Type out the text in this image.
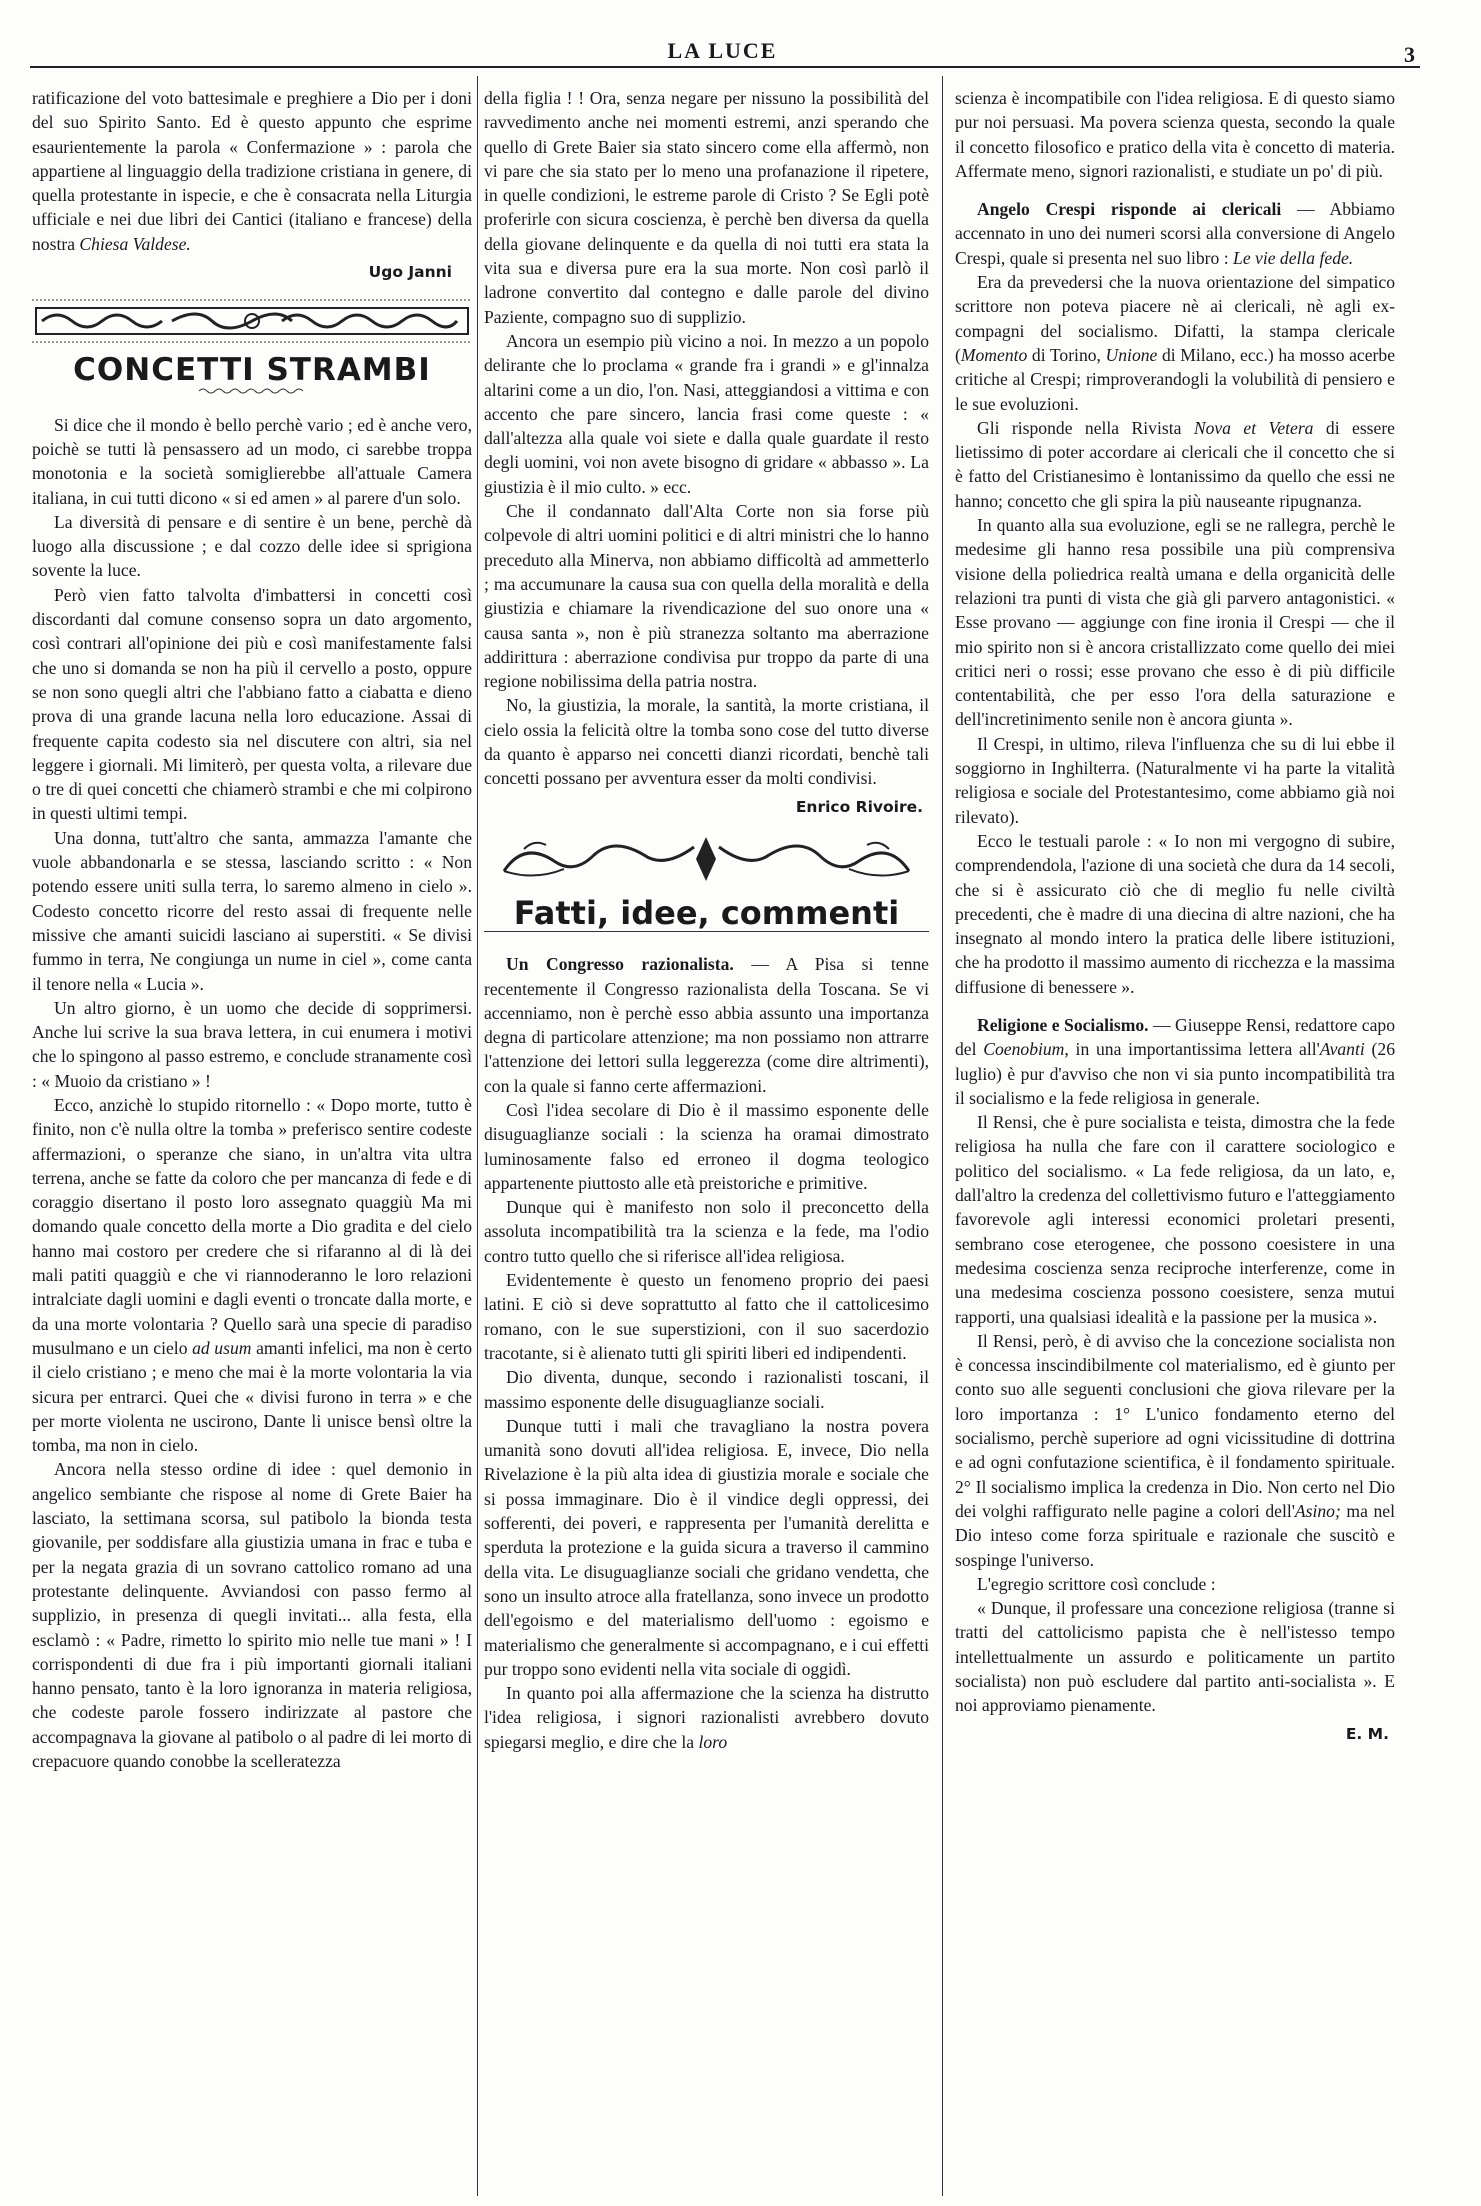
LA LUCE	3

ratificazione del voto battesimale e preghiere a Dio per i doni del suo Spirito Santo. Ed è questo appunto che esprime esaurientemente la parola « Confermazione » : parola che appartiene al linguaggio della tradizione cristiana in genere, di quella protestante in ispecie, e che è consacrata nella Liturgia ufficiale e nei due libri dei Cantici (italiano e francese) della nostra Chiesa Valdese.

Ugo Janni
CONCETTI STRAMBI

Si dice che il mondo è bello perchè vario ; ed è anche vero, poichè se tutti là pensassero ad un modo, ci sarebbe troppa monotonia e la società somiglierebbe all'attuale Camera italiana, in cui tutti dicono « si ed amen » al parere d'un solo.

La diversità di pensare e di sentire è un bene, perchè dà luogo alla discussione ; e dal cozzo delle idee si sprigiona sovente la luce.

Però vien fatto talvolta d'imbattersi in concetti così discordanti dal comune consenso sopra un dato argomento, così contrari all'opinione dei più e così manifestamente falsi che uno si domanda se non ha più il cervello a posto, oppure se non sono quegli altri che l'abbiano fatto a ciabatta e dieno prova di una grande lacuna nella loro educazione. Assai di frequente capita codesto sia nel discutere con altri, sia nel leggere i giornali. Mi limiterò, per questa volta, a rilevare due o tre di quei concetti che chiamerò strambi e che mi colpirono in questi ultimi tempi.

Una donna, tutt'altro che santa, ammazza l'amante che vuole abbandonarla e se stessa, lasciando scritto : « Non potendo essere uniti sulla terra, lo saremo almeno in cielo ». Codesto concetto ricorre del resto assai di frequente nelle missive che amanti suicidi lasciano ai superstiti. « Se divisi fummo in terra, Ne congiunga un nume in ciel », come canta il tenore nella « Lucia ».

Un altro giorno, è un uomo che decide di sopprimersi. Anche lui scrive la sua brava lettera, in cui enumera i motivi che lo spingono al passo estremo, e conclude stranamente così : « Muoio da cristiano » !

Ecco, anzichè lo stupido ritornello : « Dopo morte, tutto è finito, non c'è nulla oltre la tomba » preferisco sentire codeste affermazioni, o speranze che siano, in un'altra vita ultra terrena, anche se fatte da coloro che per mancanza di fede e di coraggio disertano il posto loro assegnato quaggiù Ma mi domando quale concetto della morte a Dio gradita e del cielo hanno mai costoro per credere che si rifaranno al di là dei mali patiti quaggiù e che vi riannoderanno le loro relazioni intralciate dagli uomini e dagli eventi o troncate dalla morte, e da una morte volontaria ? Quello sarà una specie di paradiso musulmano e un cielo ad usum amanti infelici, ma non è certo il cielo cristiano ; e meno che mai è la morte volontaria la via sicura per entrarci. Quei che « divisi furono in terra » e che per morte violenta ne uscirono, Dante li unisce bensì oltre la tomba, ma non in cielo.

Ancora nella stesso ordine di idee : quel demonio in angelico sembiante che rispose al nome di Grete Baier ha lasciato, la settimana scorsa, sul patibolo la bionda testa giovanile, per soddisfare alla giustizia umana in frac e tuba e per la negata grazia di un sovrano cattolico romano ad una protestante delinquente. Avviandosi con passo fermo al supplizio, in presenza di quegli invitati... alla festa, ella esclamò : « Padre, rimetto lo spirito mio nelle tue mani » ! I corrispondenti di due fra i più importanti giornali italiani hanno pensato, tanto è la loro ignoranza in materia religiosa, che codeste parole fossero indirizzate al pastore che accompagnava la giovane al patibolo o al padre di lei morto di crepacuore quando conobbe la scelleratezza

della figlia ! ! Ora, senza negare per nissuno la possibilità del ravvedimento anche nei momenti estremi, anzi sperando che quello di Grete Baier sia stato sincero come ella affermò, non vi pare che sia stato per lo meno una profanazione il ripetere, in quelle condizioni, le estreme parole di Cristo ? Se Egli potè proferirle con sicura coscienza, è perchè ben diversa da quella della giovane delinquente e da quella di noi tutti era stata la vita sua e diversa pure era la sua morte. Non così parlò il ladrone convertito dal contegno e dalle parole del divino Paziente, compagno suo di supplizio.

Ancora un esempio più vicino a noi. In mezzo a un popolo delirante che lo proclama « grande fra i grandi » e gl'innalza altarini come a un dio, l'on. Nasi, atteggiandosi a vittima e con accento che pare sincero, lancia frasi come queste : « dall'altezza alla quale voi siete e dalla quale guardate il resto degli uomini, voi non avete bisogno di gridare « abbasso ». La giustizia è il mio culto. » ecc.

Che il condannato dall'Alta Corte non sia forse più colpevole di altri uomini politici e di altri ministri che lo hanno preceduto alla Minerva, non abbiamo difficoltà ad ammetterlo ; ma accumunare la causa sua con quella della moralità e della giustizia e chiamare la rivendicazione del suo onore una « causa santa », non è più stranezza soltanto ma aberrazione addirittura : aberrazione condivisa pur troppo da parte di una regione nobilissima della patria nostra.

No, la giustizia, la morale, la santità, la morte cristiana, il cielo ossia la felicità oltre la tomba sono cose del tutto diverse da quanto è apparso nei concetti dianzi ricordati, benchè tali concetti possano per avventura esser da molti condivisi.

Enrico Rivoire.
Fatti, idee, commenti

Un Congresso razionalista. — A Pisa si tenne recentemente il Congresso razionalista della Toscana. Se vi accenniamo, non è perchè esso abbia assunto una importanza degna di particolare attenzione; ma non possiamo non attrarre l'attenzione dei lettori sulla leggerezza (come dire altrimenti), con la quale si fanno certe affermazioni.

Così l'idea secolare di Dio è il massimo esponente delle disuguaglianze sociali : la scienza ha oramai dimostrato luminosamente falso ed erroneo il dogma teologico appartenente piuttosto alle età preistoriche e primitive.

Dunque qui è manifesto non solo il preconcetto della assoluta incompatibilità tra la scienza e la fede, ma l'odio contro tutto quello che si riferisce all'idea religiosa.

Evidentemente è questo un fenomeno proprio dei paesi latini. E ciò si deve soprattutto al fatto che il cattolicesimo romano, con le sue superstizioni, con il suo sacerdozio tracotante, si è alienato tutti gli spiriti liberi ed indipendenti.

Dio diventa, dunque, secondo i razionalisti toscani, il massimo esponente delle disuguaglianze sociali.

Dunque tutti i mali che travagliano la nostra povera umanità sono dovuti all'idea religiosa. E, invece, Dio nella Rivelazione è la più alta idea di giustizia morale e sociale che si possa immaginare. Dio è il vindice degli oppressi, dei sofferenti, dei poveri, e rappresenta per l'umanità derelitta e sperduta la protezione e la guida sicura a traverso il cammino della vita. Le disuguaglianze sociali che gridano vendetta, che sono un insulto atroce alla fratellanza, sono invece un prodotto dell'egoismo e del materialismo dell'uomo : egoismo e materialismo che generalmente si accompagnano, e i cui effetti pur troppo sono evidenti nella vita sociale di oggidì.

In quanto poi alla affermazione che la scienza ha distrutto l'idea religiosa, i signori razionalisti avrebbero dovuto spiegarsi meglio, e dire che la loro

scienza è incompatibile con l'idea religiosa. E di questo siamo pur noi persuasi. Ma povera scienza questa, secondo la quale il concetto filosofico e pratico della vita è concetto di materia. Affermate meno, signori razionalisti, e studiate un po' di più.

Angelo Crespi risponde ai clericali — Abbiamo accennato in uno dei numeri scorsi alla conversione di Angelo Crespi, quale si presenta nel suo libro : Le vie della fede.

Era da prevedersi che la nuova orientazione del simpatico scrittore non poteva piacere nè ai clericali, nè agli ex-compagni del socialismo. Difatti, la stampa clericale (Momento di Torino, Unione di Milano, ecc.) ha mosso acerbe critiche al Crespi; rimproverandogli la volubilità di pensiero e le sue evoluzioni.

Gli risponde nella Rivista Nova et Vetera di essere lietissimo di poter accordare ai clericali che il concetto che si è fatto del Cristianesimo è lontanissimo da quello che essi ne hanno; concetto che gli spira la più nauseante ripugnanza.

In quanto alla sua evoluzione, egli se ne rallegra, perchè le medesime gli hanno resa possibile una più comprensiva visione della poliedrica realtà umana e della organicità delle relazioni tra punti di vista che già gli parvero antagonistici. « Esse provano — aggiunge con fine ironia il Crespi — che il mio spirito non si è ancora cristallizzato come quello dei miei critici neri o rossi; esse provano che esso è di più difficile contentabilità, che per esso l'ora della saturazione e dell'incretinimento senile non è ancora giunta ».

Il Crespi, in ultimo, rileva l'influenza che su di lui ebbe il soggiorno in Inghilterra. (Naturalmente vi ha parte la vitalità religiosa e sociale del Protestantesimo, come abbiamo già noi rilevato).

Ecco le testuali parole : « Io non mi vergogno di subire, comprendendola, l'azione di una società che dura da 14 secoli, che si è assicurato ciò che di meglio fu nelle civiltà precedenti, che è madre di una diecina di altre nazioni, che ha insegnato al mondo intero la pratica delle libere istituzioni, che ha prodotto il massimo aumento di ricchezza e la massima diffusione di benessere ».

Religione e Socialismo. — Giuseppe Rensi, redattore capo del Coenobium, in una importantissima lettera all'Avanti (26 luglio) è pur d'avviso che non vi sia punto incompatibilità tra il socialismo e la fede religiosa in generale.

Il Rensi, che è pure socialista e teista, dimostra che la fede religiosa ha nulla che fare con il carattere sociologico e politico del socialismo. « La fede religiosa, da un lato, e, dall'altro la credenza del collettivismo futuro e l'atteggiamento favorevole agli interessi economici proletari presenti, sembrano cose eterogenee, che possono coesistere in una medesima coscienza senza reciproche interferenze, come in una medesima coscienza possono coesistere, senza mutui rapporti, una qualsiasi idealità e la passione per la musica ».

Il Rensi, però, è di avviso che la concezione socialista non è concessa inscindibilmente col materialismo, ed è giunto per conto suo alle seguenti conclusioni che giova rilevare per la loro importanza : 1° L'unico fondamento eterno del socialismo, perchè superiore ad ogni vicissitudine di dottrina e ad ogni confutazione scientifica, è il fondamento spirituale. 2° Il socialismo implica la credenza in Dio. Non certo nel Dio dei volghi raffigurato nelle pagine a colori dell'Asino; ma nel Dio inteso come forza spirituale e razionale che suscitò e sospinge l'universo.

L'egregio scrittore così conclude :

« Dunque, il professare una concezione religiosa (tranne si tratti del cattolicismo papista che è nell'istesso tempo intellettualmente un assurdo e politicamente un partito socialista) non può escludere dal partito anti-socialista ». E noi approviamo pienamente.

E. M.
